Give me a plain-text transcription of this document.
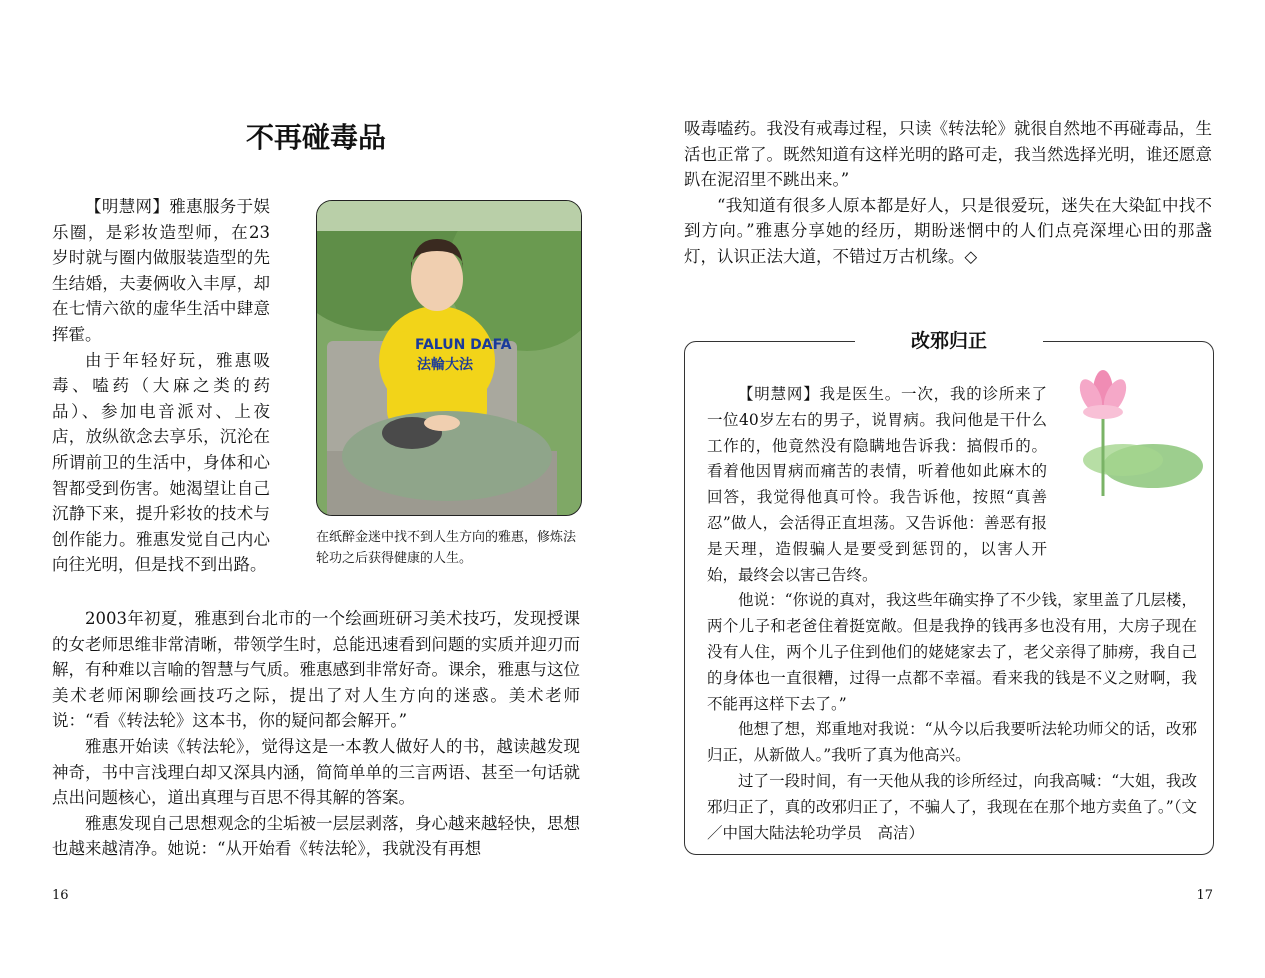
不再碰毒品

【明慧网】雅惠服务于娱乐圈，是彩妆造型师，在23岁时就与圈内做服装造型的先生结婚，夫妻俩收入丰厚，却在七情六欲的虚华生活中肆意挥霍。

由于年轻好玩，雅惠吸毒、嗑药（大麻之类的药品）、参加电音派对、上夜店，放纵欲念去享乐，沉沦在所谓前卫的生活中，身体和心智都受到伤害。她渴望让自己沉静下来，提升彩妆的技术与创作能力。雅惠发觉自己内心向往光明，但是找不到出路。

FALUN DAFA
法輪大法
在纸醉金迷中找不到人生方向的雅惠，修炼法轮功之后获得健康的人生。

2003年初夏，雅惠到台北市的一个绘画班研习美术技巧，发现授课的女老师思维非常清晰，带领学生时，总能迅速看到问题的实质并迎刃而解，有种难以言喻的智慧与气质。雅惠感到非常好奇。课余，雅惠与这位美术老师闲聊绘画技巧之际，提出了对人生方向的迷惑。美术老师说：“看《转法轮》这本书，你的疑问都会解开。”

雅惠开始读《转法轮》，觉得这是一本教人做好人的书，越读越发现神奇，书中言浅理白却又深具内涵，简简单单的三言两语、甚至一句话就点出问题核心，道出真理与百思不得其解的答案。

雅惠发现自己思想观念的尘垢被一层层剥落，身心越来越轻快，思想也越来越清净。她说：“从开始看《转法轮》，我就没有再想

16

吸毒嗑药。我没有戒毒过程，只读《转法轮》就很自然地不再碰毒品，生活也正常了。既然知道有这样光明的路可走，我当然选择光明，谁还愿意趴在泥沼里不跳出来。”

“我知道有很多人原本都是好人，只是很爱玩，迷失在大染缸中找不到方向。”雅惠分享她的经历，期盼迷惘中的人们点亮深埋心田的那盏灯，认识正法大道，不错过万古机缘。◇

改邪归正

【明慧网】我是医生。一次，我的诊所来了一位40岁左右的男子，说胃病。我问他是干什么工作的，他竟然没有隐瞒地告诉我：搞假币的。看着他因胃病而痛苦的表情，听着他如此麻木的回答，我觉得他真可怜。我告诉他，按照“真善忍”做人，会活得正直坦荡。又告诉他：善恶有报是天理，造假骗人是要受到惩罚的，以害人开始，最终会以害己告终。

他说：“你说的真对，我这些年确实挣了不少钱，家里盖了几层楼，两个儿子和老爸住着挺宽敞。但是我挣的钱再多也没有用，大房子现在没有人住，两个儿子住到他们的姥姥家去了，老父亲得了肺痨，我自己的身体也一直很糟，过得一点都不幸福。看来我的钱是不义之财啊，我不能再这样下去了。”

他想了想，郑重地对我说：“从今以后我要听法轮功师父的话，改邪归正，从新做人。”我听了真为他高兴。

过了一段时间，有一天他从我的诊所经过，向我高喊：“大姐，我改邪归正了，真的改邪归正了，不骗人了，我现在在那个地方卖鱼了。”（文／中国大陆法轮功学员　高洁）

17
